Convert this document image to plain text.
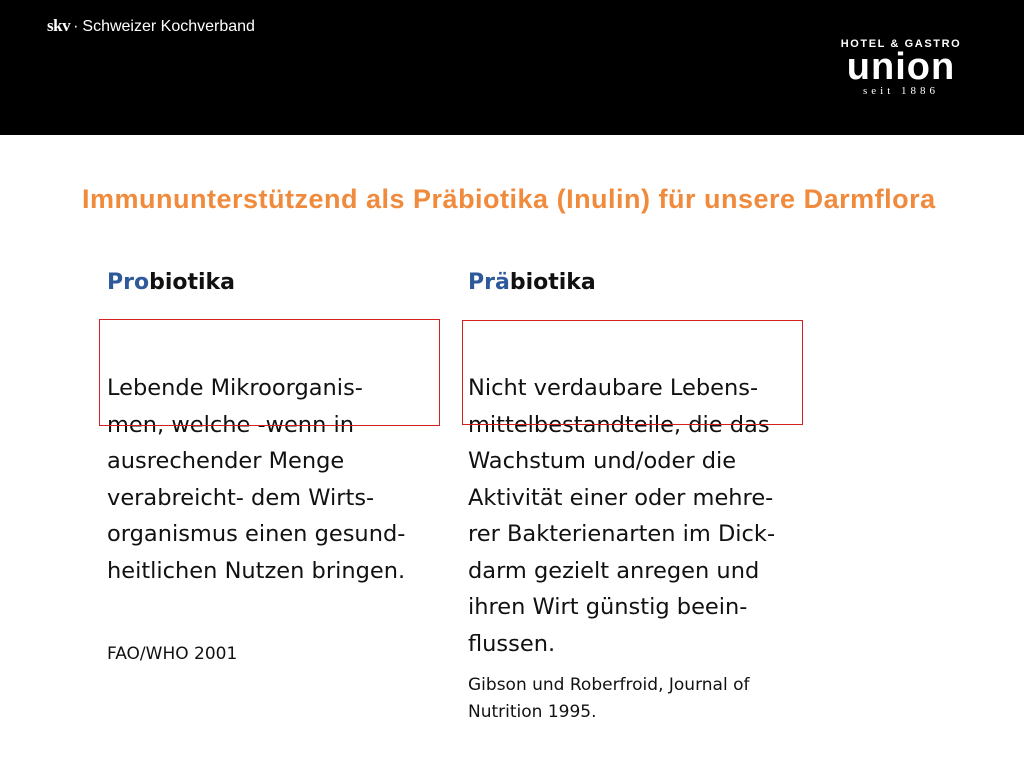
skv · Schweizer Kochverband
HOTEL & GASTRO
union
seit 1886
Immununterstützend als Präbiotika (Inulin) für unsere Darmflora
Probiotika
Lebende Mikroorganis-
men, welche -wenn in
ausrechender Menge
verabreicht- dem Wirts-
organismus einen gesund-
heitlichen Nutzen bringen.
FAO/WHO 2001
Präbiotika
Nicht verdaubare Lebens-
mittelbestandteile, die das
Wachstum und/oder die
Aktivität einer oder mehre-
rer Bakterienarten im Dick-
darm gezielt anregen und
ihren Wirt günstig beein-
flussen.
Gibson und Roberfroid, Journal of
Nutrition 1995.
